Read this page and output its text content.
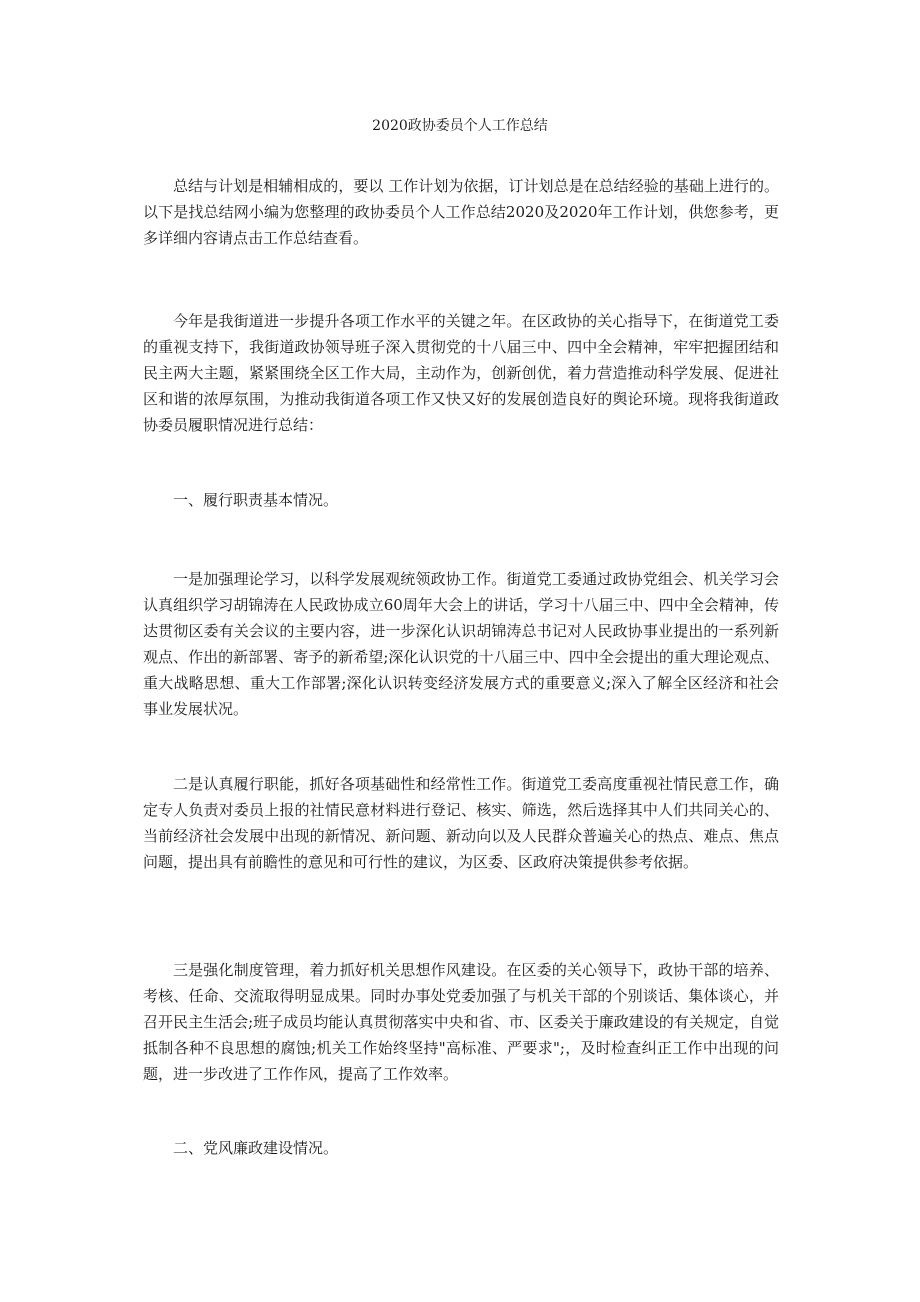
2020政协委员个人工作总结

总结与计划是相辅相成的，要以 工作计划为依据，订计划总是在总结经验的基础上进行的。以下是找总结网小编为您整理的政协委员个人工作总结2020及2020年工作计划，供您参考，更多详细内容请点击工作总结查看。

今年是我街道进一步提升各项工作水平的关键之年。在区政协的关心指导下，在街道党工委的重视支持下，我街道政协领导班子深入贯彻党的十八届三中、四中全会精神，牢牢把握团结和民主两大主题，紧紧围绕全区工作大局，主动作为，创新创优，着力营造推动科学发展、促进社区和谐的浓厚氛围，为推动我街道各项工作又快又好的发展创造良好的舆论环境。现将我街道政协委员履职情况进行总结：

一、履行职责基本情况。

一是加强理论学习，以科学发展观统领政协工作。街道党工委通过政协党组会、机关学习会认真组织学习胡锦涛在人民政协成立60周年大会上的讲话，学习十八届三中、四中全会精神，传达贯彻区委有关会议的主要内容，进一步深化认识胡锦涛总书记对人民政协事业提出的一系列新观点、作出的新部署、寄予的新希望;深化认识党的十八届三中、四中全会提出的重大理论观点、重大战略思想、重大工作部署;深化认识转变经济发展方式的重要意义;深入了解全区经济和社会事业发展状况。

二是认真履行职能，抓好各项基础性和经常性工作。街道党工委高度重视社情民意工作，确定专人负责对委员上报的社情民意材料进行登记、核实、筛选，然后选择其中人们共同关心的、当前经济社会发展中出现的新情况、新问题、新动向以及人民群众普遍关心的热点、难点、焦点问题，提出具有前瞻性的意见和可行性的建议，为区委、区政府决策提供参考依据。

三是强化制度管理，着力抓好机关思想作风建设。在区委的关心领导下，政协干部的培养、考核、任命、交流取得明显成果。同时办事处党委加强了与机关干部的个别谈话、集体谈心，并召开民主生活会;班子成员均能认真贯彻落实中央和省、市、区委关于廉政建设的有关规定，自觉抵制各种不良思想的腐蚀;机关工作始终坚持"高标准、严要求";，及时检查纠正工作中出现的问题，进一步改进了工作作风，提高了工作效率。

二、党风廉政建设情况。
